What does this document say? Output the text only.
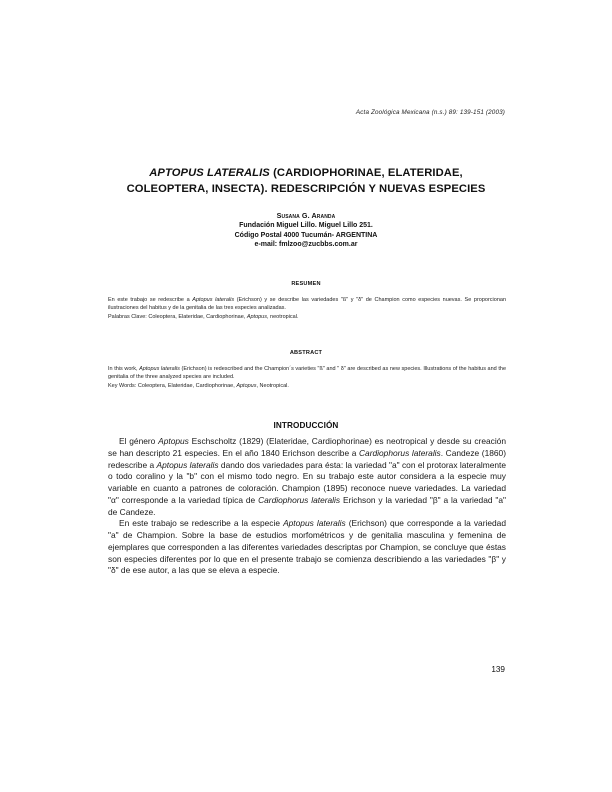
Acta Zoológica Mexicana (n.s.) 89: 139-151 (2003)
APTOPUS LATERALIS (CARDIOPHORINAE, ELATERIDAE,
COLEOPTERA, INSECTA). REDESCRIPCIÓN Y NUEVAS ESPECIES
Susana G. Aranda
Fundación Miguel Lillo. Miguel Lillo 251.
Código Postal 4000 Tucumán- ARGENTINA
e-mail: fmlzoo@zucbbs.com.ar
RESUMEN

En este trabajo se redescribe a Aptopus lateralis (Erichson) y se describe las variedades "ß" y "δ" de Champion como especies nuevas. Se proporcionan ilustraciones del habitus y de la genitalia de las tres especies analizadas.

Palabras Clave: Coleoptera, Elateridae, Cardiophorinae, Aptopus, neotropical.

ABSTRACT

In this work, Aptopus lateralis (Erichson) is redescribed and the Champion´s varieties "ß" and " δ" are described as new species. Illustrations of the habitus and the genitalia of the three analyzed species are included.

Key Words: Coleoptera, Elateridae, Cardiophorinae, Aptopus, Neotropical.

INTRODUCCIÓN

El género Aptopus Eschscholtz (1829) (Elateridae, Cardiophorinae) es neotropical y desde su creación se han descripto 21 especies. En el año 1840 Erichson describe a Cardiophorus lateralis. Candeze (1860) redescribe a Aptopus lateralis dando dos variedades para ésta: la variedad "a" con el protorax lateralmente o todo coralino y la "b" con el mismo todo negro. En su trabajo este autor considera a la especie muy variable en cuanto a patrones de coloración. Champion (1895) reconoce nueve variedades. La variedad "α" corresponde a la variedad típica de Cardiophorus lateralis Erichson y la variedad "β" a la variedad "a" de Candeze.

En este trabajo se redescribe a la especie Aptopus lateralis (Erichson) que corresponde a la variedad "a" de Champion. Sobre la base de estudios morfométricos y de genitalia masculina y femenina de ejemplares que corresponden a las diferentes variedades descriptas por Champion, se concluye que éstas son especies diferentes por lo que en el presente trabajo se comienza describiendo a las variedades "β" y "δ" de ese autor, a las que se eleva a especie.

139
